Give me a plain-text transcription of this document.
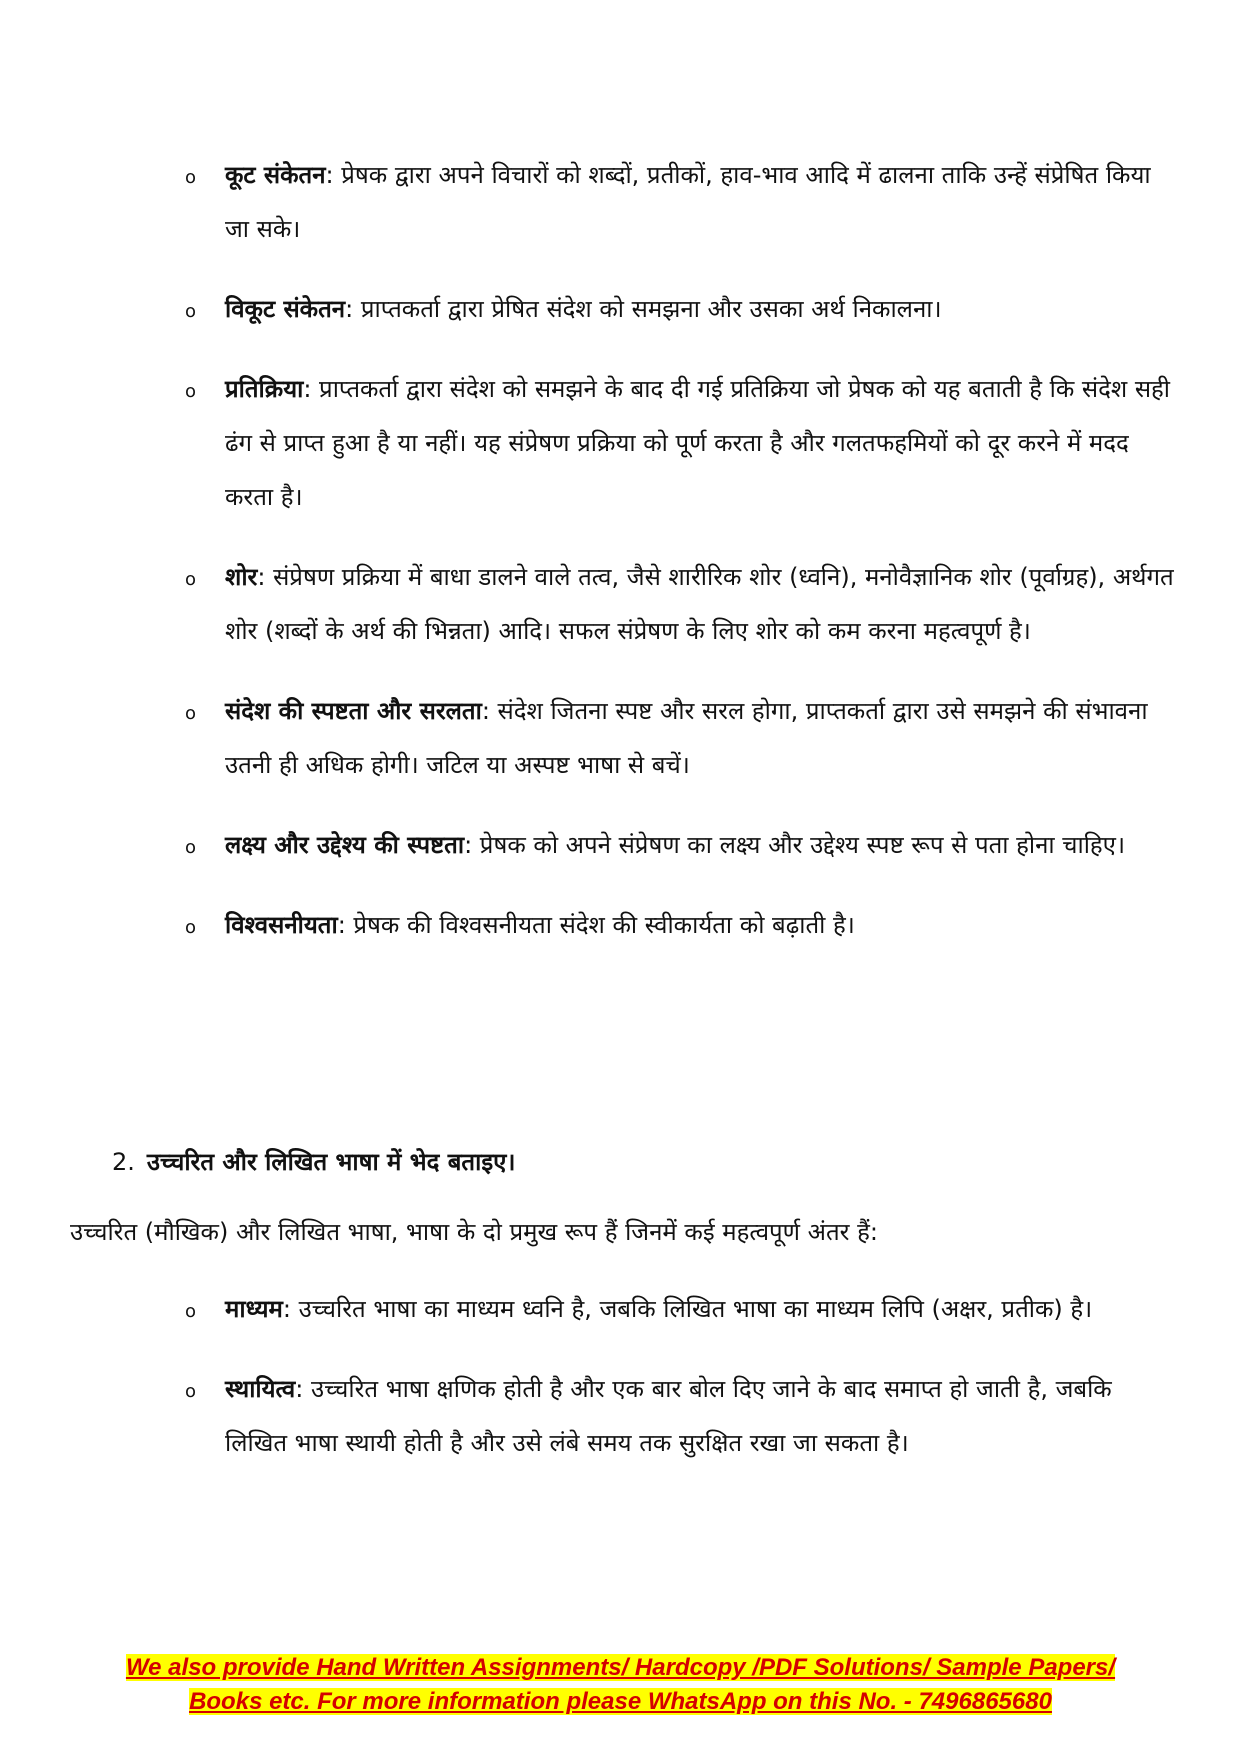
o कूट संकेतन: प्रेषक द्वारा अपने विचारों को शब्दों, प्रतीकों, हाव-भाव आदि में ढालना ताकि उन्हें संप्रेषित किया जा सके।
o विकूट संकेतन: प्राप्तकर्ता द्वारा प्रेषित संदेश को समझना और उसका अर्थ निकालना।
o प्रतिक्रिया: प्राप्तकर्ता द्वारा संदेश को समझने के बाद दी गई प्रतिक्रिया जो प्रेषक को यह बताती है कि संदेश सही ढंग से प्राप्त हुआ है या नहीं। यह संप्रेषण प्रक्रिया को पूर्ण करता है और गलतफहमियों को दूर करने में मदद करता है।
o शोर: संप्रेषण प्रक्रिया में बाधा डालने वाले तत्व, जैसे शारीरिक शोर (ध्वनि), मनोवैज्ञानिक शोर (पूर्वाग्रह), अर्थगत शोर (शब्दों के अर्थ की भिन्नता) आदि। सफल संप्रेषण के लिए शोर को कम करना महत्वपूर्ण है।
o संदेश की स्पष्टता और सरलता: संदेश जितना स्पष्ट और सरल होगा, प्राप्तकर्ता द्वारा उसे समझने की संभावना उतनी ही अधिक होगी। जटिल या अस्पष्ट भाषा से बचें।
o लक्ष्य और उद्देश्य की स्पष्टता: प्रेषक को अपने संप्रेषण का लक्ष्य और उद्देश्य स्पष्ट रूप से पता होना चाहिए।
o विश्वसनीयता: प्रेषक की विश्वसनीयता संदेश की स्वीकार्यता को बढ़ाती है।
2. उच्चरित और लिखित भाषा में भेद बताइए।

उच्चरित (मौखिक) और लिखित भाषा, भाषा के दो प्रमुख रूप हैं जिनमें कई महत्वपूर्ण अंतर हैं:

o माध्यम: उच्चरित भाषा का माध्यम ध्वनि है, जबकि लिखित भाषा का माध्यम लिपि (अक्षर, प्रतीक) है।
o स्थायित्व: उच्चरित भाषा क्षणिक होती है और एक बार बोल दिए जाने के बाद समाप्त हो जाती है, जबकि लिखित भाषा स्थायी होती है और उसे लंबे समय तक सुरक्षित रखा जा सकता है।
We also provide Hand Written Assignments/ Hardcopy /PDF Solutions/ Sample Papers/
Books etc. For more information please WhatsApp on this No. - 7496865680
